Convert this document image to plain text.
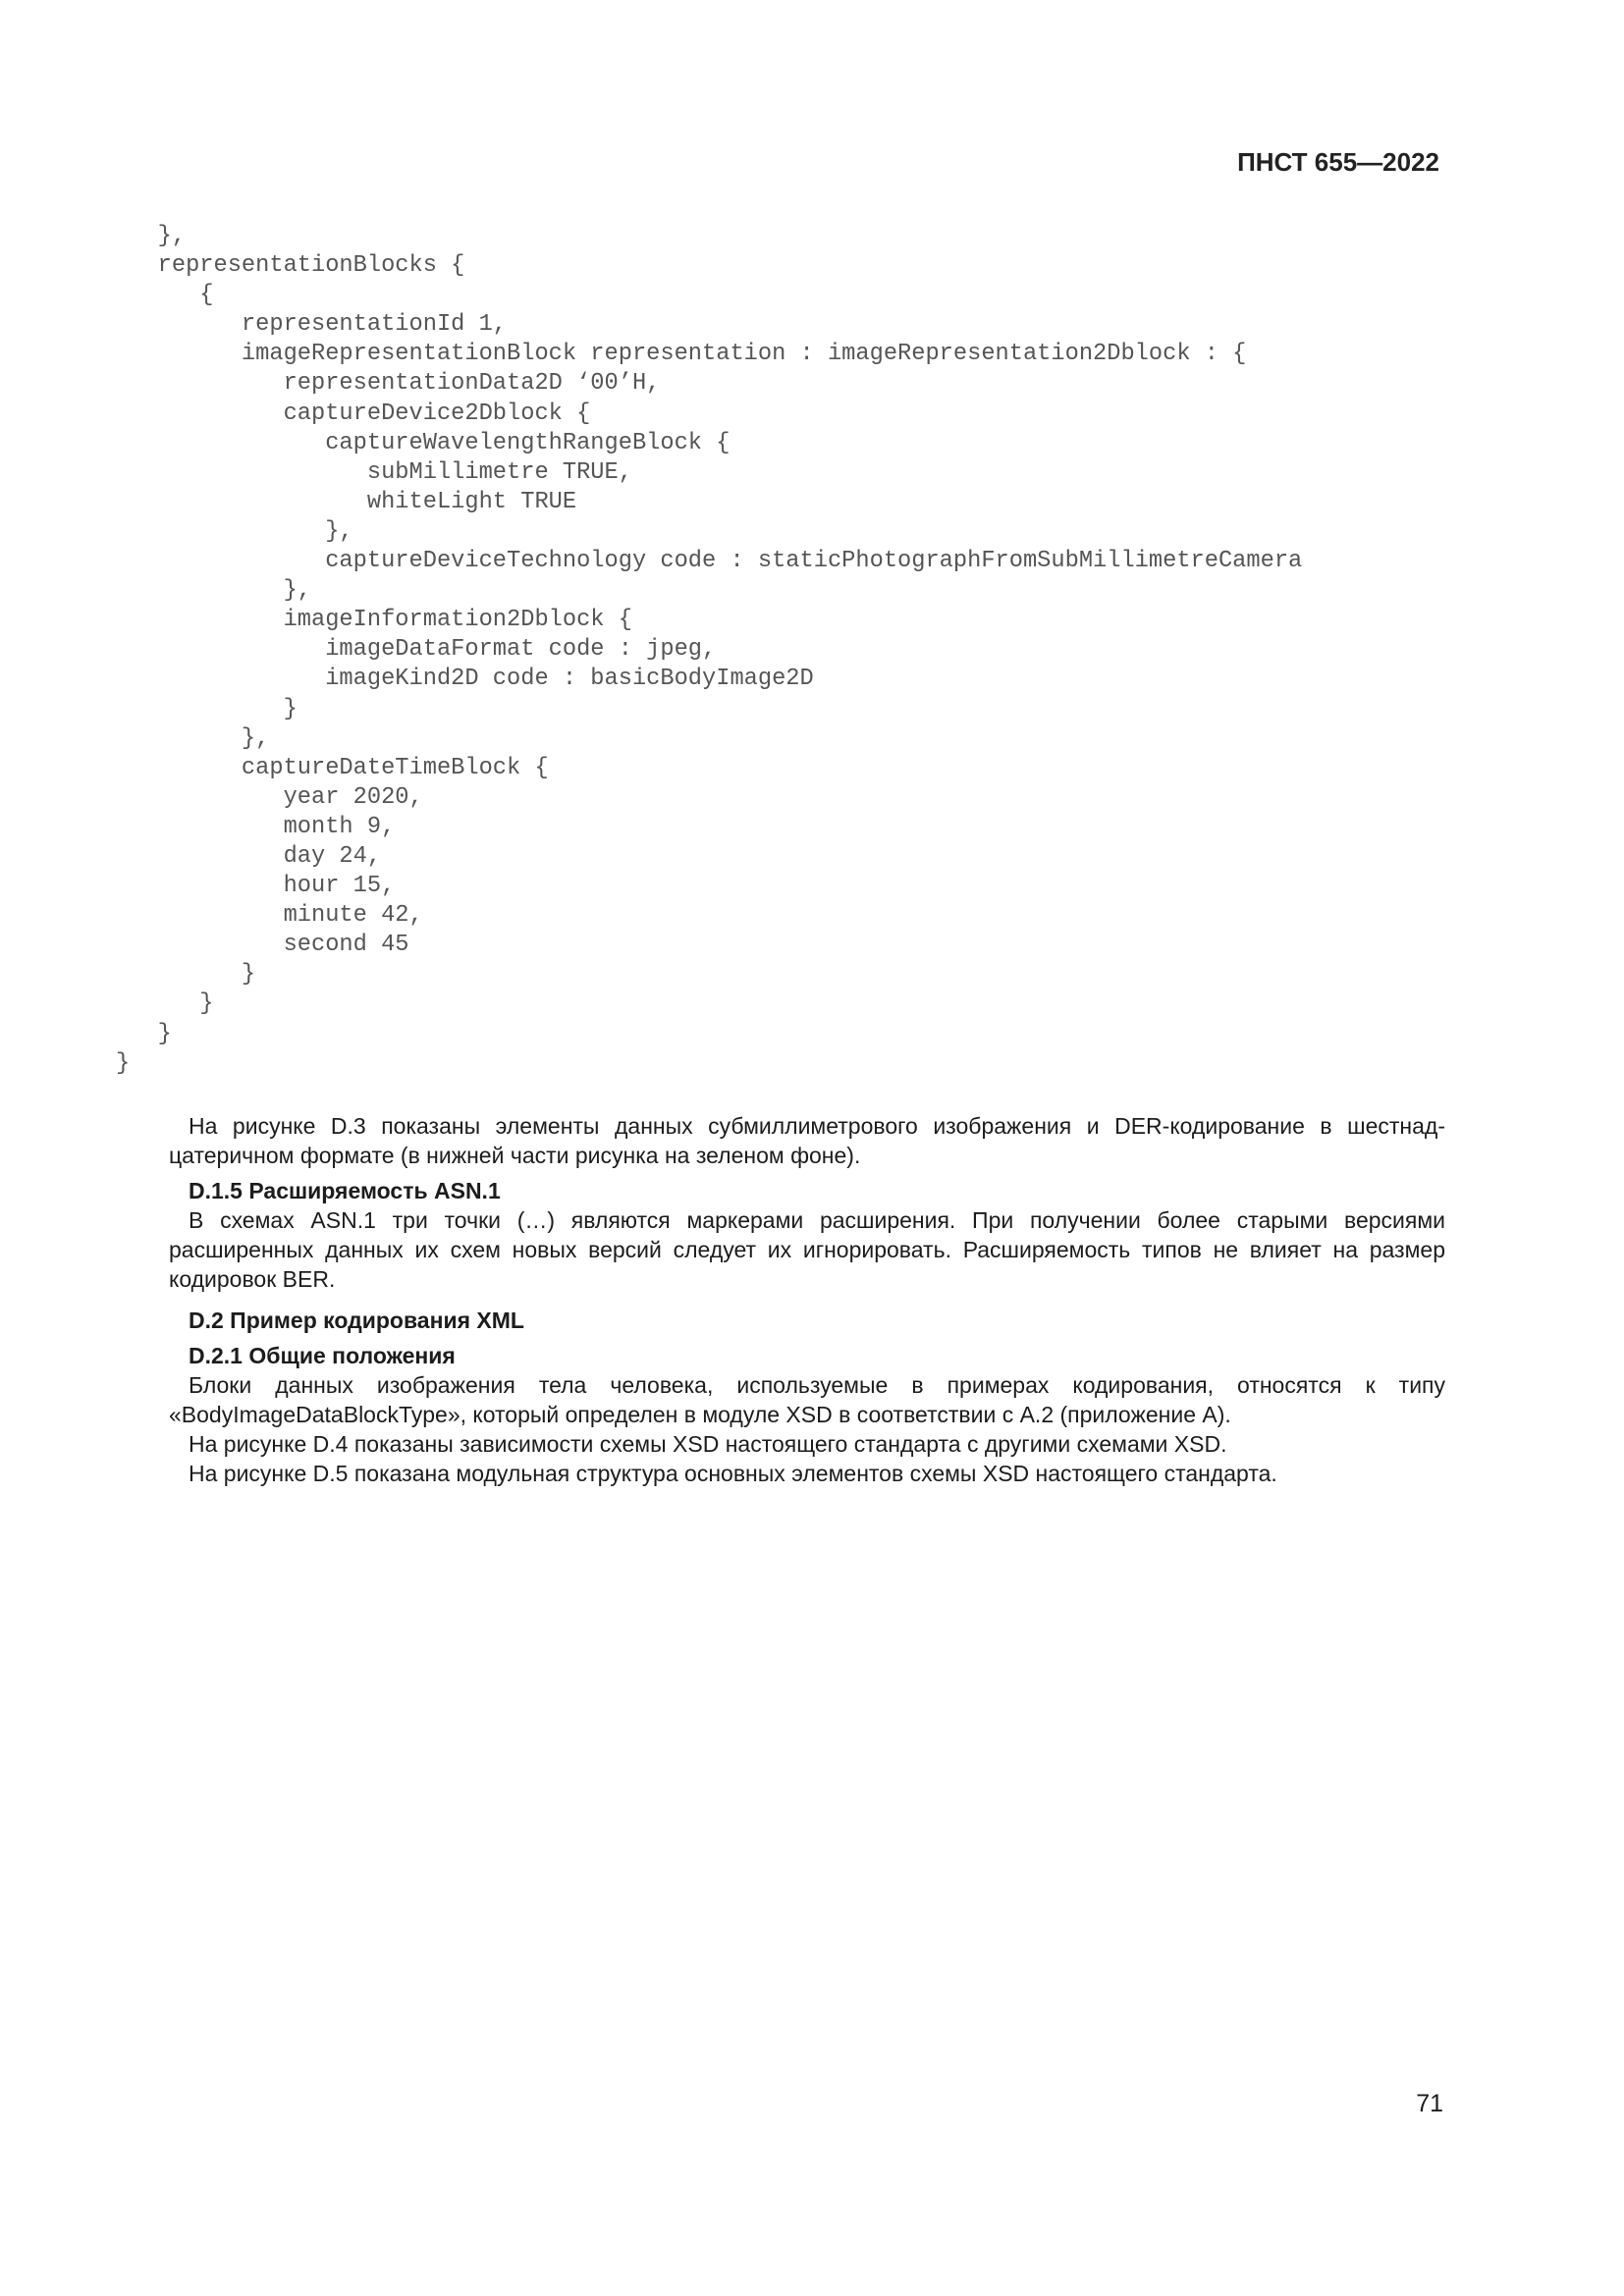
ПНСТ 655—2022
},
representationBlocks {
{
representationId 1,
imageRepresentationBlock representation : imageRepresentation2Dblock : {
representationData2D ‘00’H,
captureDevice2Dblock {
captureWavelengthRangeBlock {
subMillimetre TRUE,
whiteLight TRUE
},
captureDeviceTechnology code : staticPhotographFromSubMillimetreCamera
},
imageInformation2Dblock {
imageDataFormat code : jpeg,
imageKind2D code : basicBodyImage2D
}
},
captureDateTimeBlock {
year 2020,
month 9,
day 24,
hour 15,
minute 42,
second 45
}
}
}
}

На рисунке D.3 показаны элементы данных субмиллиметрового изображения и DER-кодирование в шестнадцатеричном формате (в нижней части рисунка на зеленом фоне).

D.1.5 Расширяемость ASN.1

В схемах ASN.1 три точки (…) являются маркерами расширения. При получении более старыми версиями расширенных данных их схем новых версий следует их игнорировать. Расширяемость типов не влияет на размер кодировок BER.

D.2 Пример кодирования XML

D.2.1 Общие положения

Блоки данных изображения тела человека, используемые в примерах кодирования, относятся к типу «BodyImageDataBlockType», который определен в модуле XSD в соответствии с А.2 (приложение А).

На рисунке D.4 показаны зависимости схемы XSD настоящего стандарта с другими схемами XSD.

На рисунке D.5 показана модульная структура основных элементов схемы XSD настоящего стандарта.

71
